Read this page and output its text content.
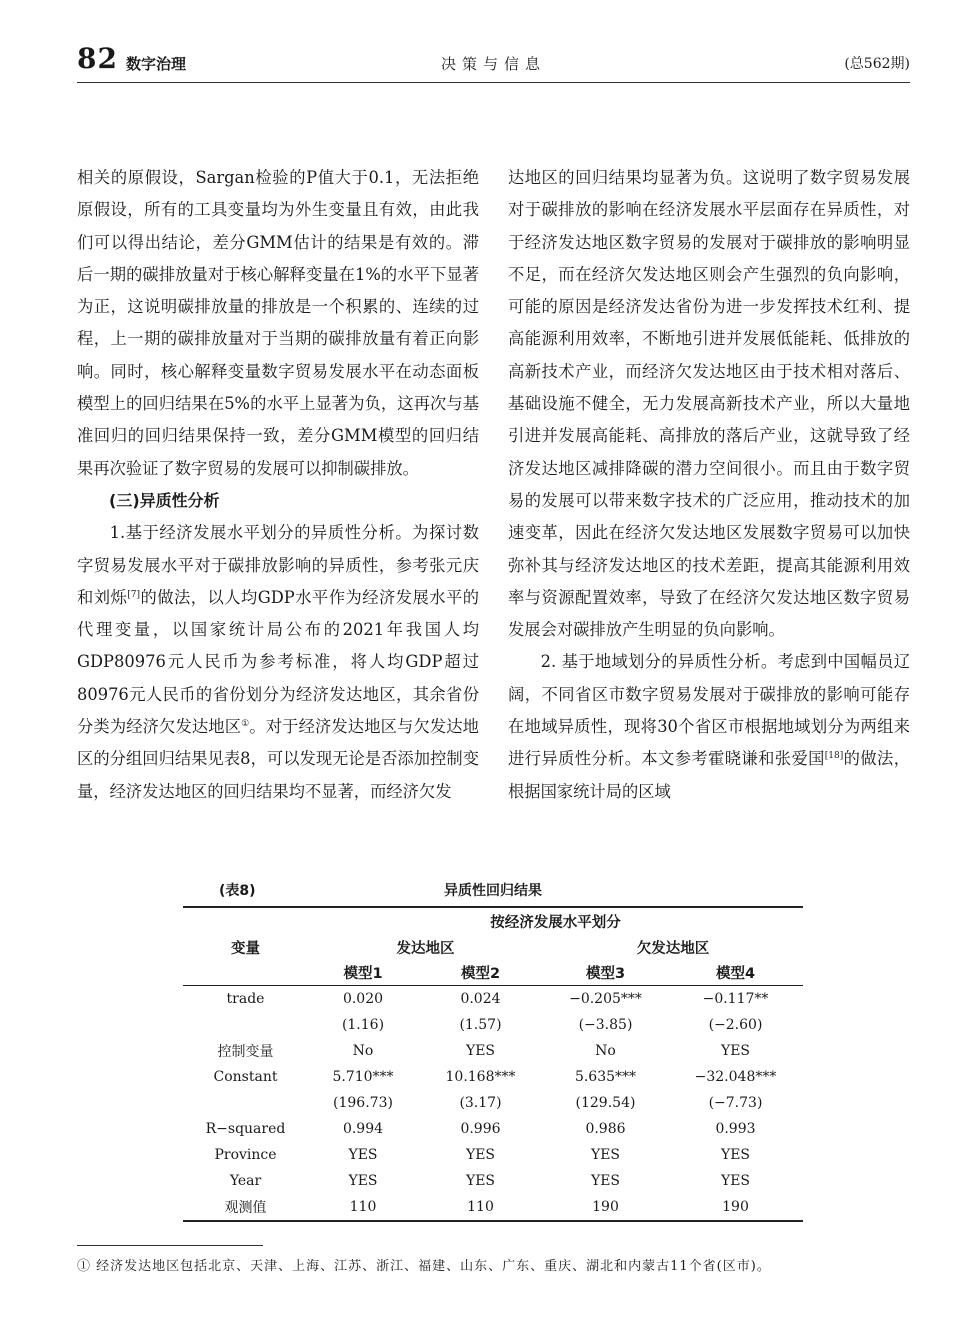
82 数字治理	决策与信息	(总562期)

相关的原假设，Sargan检验的P值大于0.1，无法拒绝原假设，所有的工具变量均为外生变量且有效，由此我们可以得出结论，差分GMM估计的结果是有效的。滞后一期的碳排放量对于核心解释变量在1%的水平下显著为正，这说明碳排放量的排放是一个积累的、连续的过程，上一期的碳排放量对于当期的碳排放量有着正向影响。同时，核心解释变量数字贸易发展水平在动态面板模型上的回归结果在5%的水平上显著为负，这再次与基准回归的回归结果保持一致，差分GMM模型的回归结果再次验证了数字贸易的发展可以抑制碳排放。

(三)异质性分析

1.基于经济发展水平划分的异质性分析。为探讨数字贸易发展水平对于碳排放影响的异质性，参考张元庆和刘烁[7]的做法，以人均GDP水平作为经济发展水平的代理变量，以国家统计局公布的2021年我国人均GDP80976元人民币为参考标准，将人均GDP超过80976元人民币的省份划分为经济发达地区，其余省份分类为经济欠发达地区①。对于经济发达地区与欠发达地区的分组回归结果见表8，可以发现无论是否添加控制变量，经济发达地区的回归结果均不显著，而经济欠发

达地区的回归结果均显著为负。这说明了数字贸易发展对于碳排放的影响在经济发展水平层面存在异质性，对于经济发达地区数字贸易的发展对于碳排放的影响明显不足，而在经济欠发达地区则会产生强烈的负向影响，可能的原因是经济发达省份为进一步发挥技术红利、提高能源利用效率，不断地引进并发展低能耗、低排放的高新技术产业，而经济欠发达地区由于技术相对落后、基础设施不健全，无力发展高新技术产业，所以大量地引进并发展高能耗、高排放的落后产业，这就导致了经济发达地区减排降碳的潜力空间很小。而且由于数字贸易的发展可以带来数字技术的广泛应用，推动技术的加速变革，因此在经济欠发达地区发展数字贸易可以加快弥补其与经济发达地区的技术差距，提高其能源利用效率与资源配置效率，导致了在经济欠发达地区数字贸易发展会对碳排放产生明显的负向影响。

2. 基于地域划分的异质性分析。考虑到中国幅员辽阔，不同省区市数字贸易发展对于碳排放的影响可能存在地域异质性，现将30个省区市根据地域划分为两组来进行异质性分析。本文参考霍晓谦和张爱国[18]的做法，根据国家统计局的区域

异质性回归结果
(表8)
	按经济发展水平划分			
变量	发达地区		欠发达地区	
	模型1	模型2	模型3	模型4
trade	0.020	0.024	−0.205***	−0.117**
	(1.16)	(1.57)	(−3.85)	(−2.60)
控制变量	No	YES	No	YES
Constant	5.710***	10.168***	5.635***	−32.048***
	(196.73)	(3.17)	(129.54)	(−7.73)
R−squared	0.994	0.996	0.986	0.993
Province	YES	YES	YES	YES
Year	YES	YES	YES	YES
观测值	110	110	190	190
① 经济发达地区包括北京、天津、上海、江苏、浙江、福建、山东、广东、重庆、湖北和内蒙古11个省(区市)。
